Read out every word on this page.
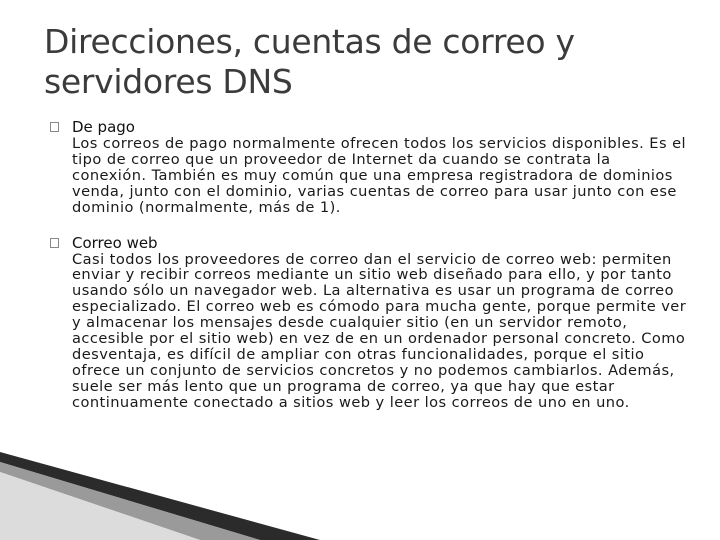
Direcciones, cuentas de correo y servidores DNS
De pago
Los correos de pago normalmente ofrecen todos los servicios disponibles. Es el tipo de correo que un proveedor de Internet da cuando se contrata la conexión. También es muy común que una empresa registradora de dominios venda, junto con el dominio, varias cuentas de correo para usar junto con ese dominio (normalmente, más de 1).
Correo web
Casi todos los proveedores de correo dan el servicio de correo web: permiten enviar y recibir correos mediante un sitio web diseñado para ello, y por tanto usando sólo un navegador web. La alternativa es usar un programa de correo especializado. El correo web es cómodo para mucha gente, porque permite ver y almacenar los mensajes desde cualquier sitio (en un servidor remoto, accesible por el sitio web) en vez de en un ordenador personal concreto. Como desventaja, es difícil de ampliar con otras funcionalidades, porque el sitio ofrece un conjunto de servicios concretos y no podemos cambiarlos. Además, suele ser más lento que un programa de correo, ya que hay que estar continuamente conectado a sitios web y leer los correos de uno en uno.
